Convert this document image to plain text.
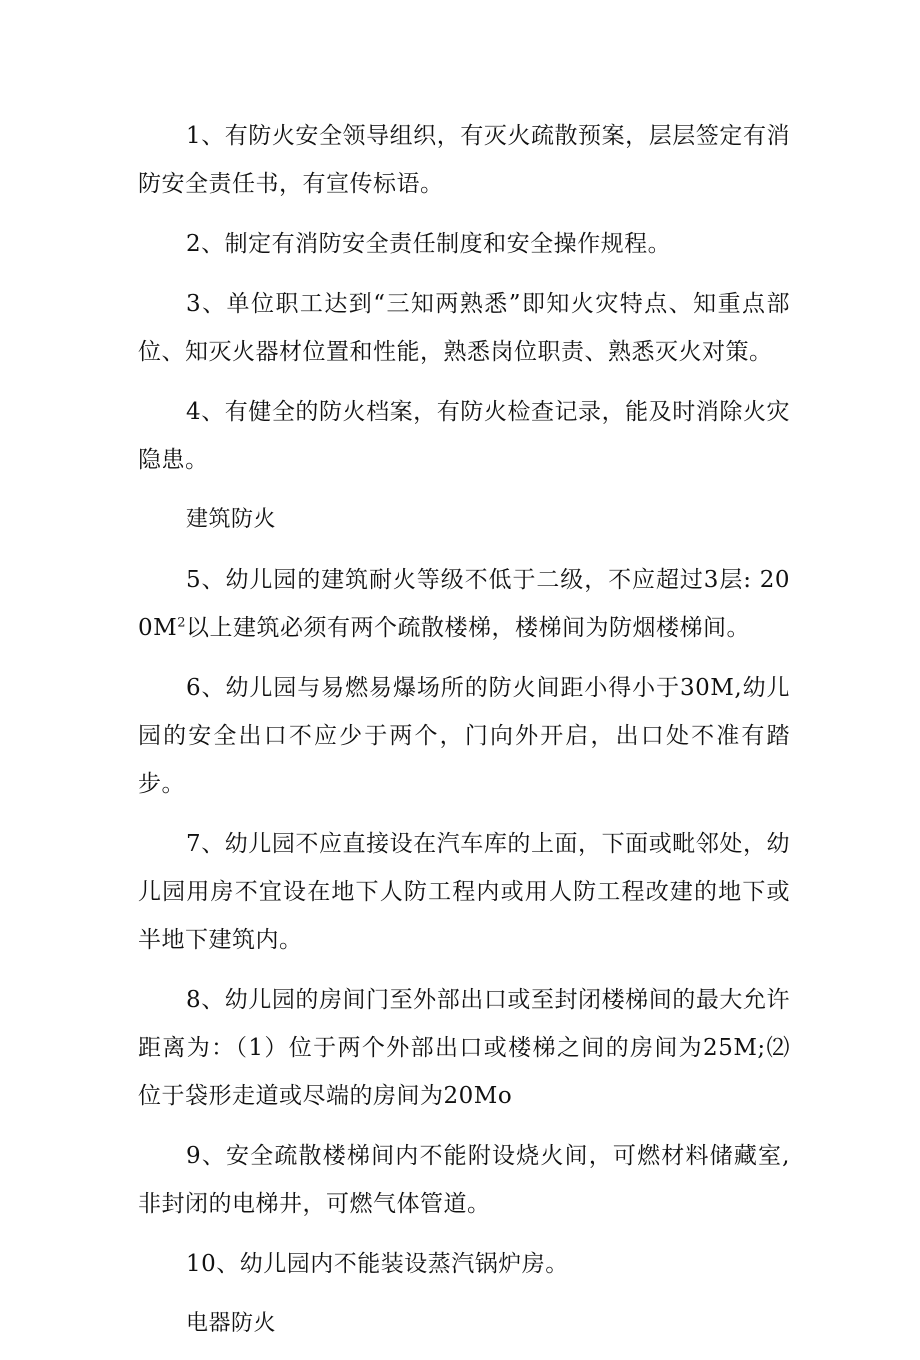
1、有防火安全领导组织，有灭火疏散预案，层层签定有消防安全责任书，有宣传标语。

2、制定有消防安全责任制度和安全操作规程。

3、单位职工达到“三知两熟悉”即知火灾特点、知重点部位、知灭火器材位置和性能，熟悉岗位职责、熟悉灭火对策。

4、有健全的防火档案，有防火检查记录，能及时消除火灾隐患。

建筑防火

5、幼儿园的建筑耐火等级不低于二级，不应超过3层: $200M^2$以上建筑必须有两个疏散楼梯，楼梯间为防烟楼梯间。

6、幼儿园与易燃易爆场所的防火间距小得小于30M,幼儿园的安全出口不应少于两个，门向外开启，出口处不准有踏步。

7、幼儿园不应直接设在汽车库的上面，下面或毗邻处，幼儿园用房不宜设在地下人防工程内或用人防工程改建的地下或半地下建筑内。

8、幼儿园的房间门至外部出口或至封闭楼梯间的最大允许距离为：（1）位于两个外部出口或楼梯之间的房间为25M;⑵位于袋形走道或尽端的房间为20Mo

9、安全疏散楼梯间内不能附设烧火间，可燃材料储藏室,非封闭的电梯井，可燃气体管道。

10、幼儿园内不能装设蒸汽锅炉房。

电器防火
